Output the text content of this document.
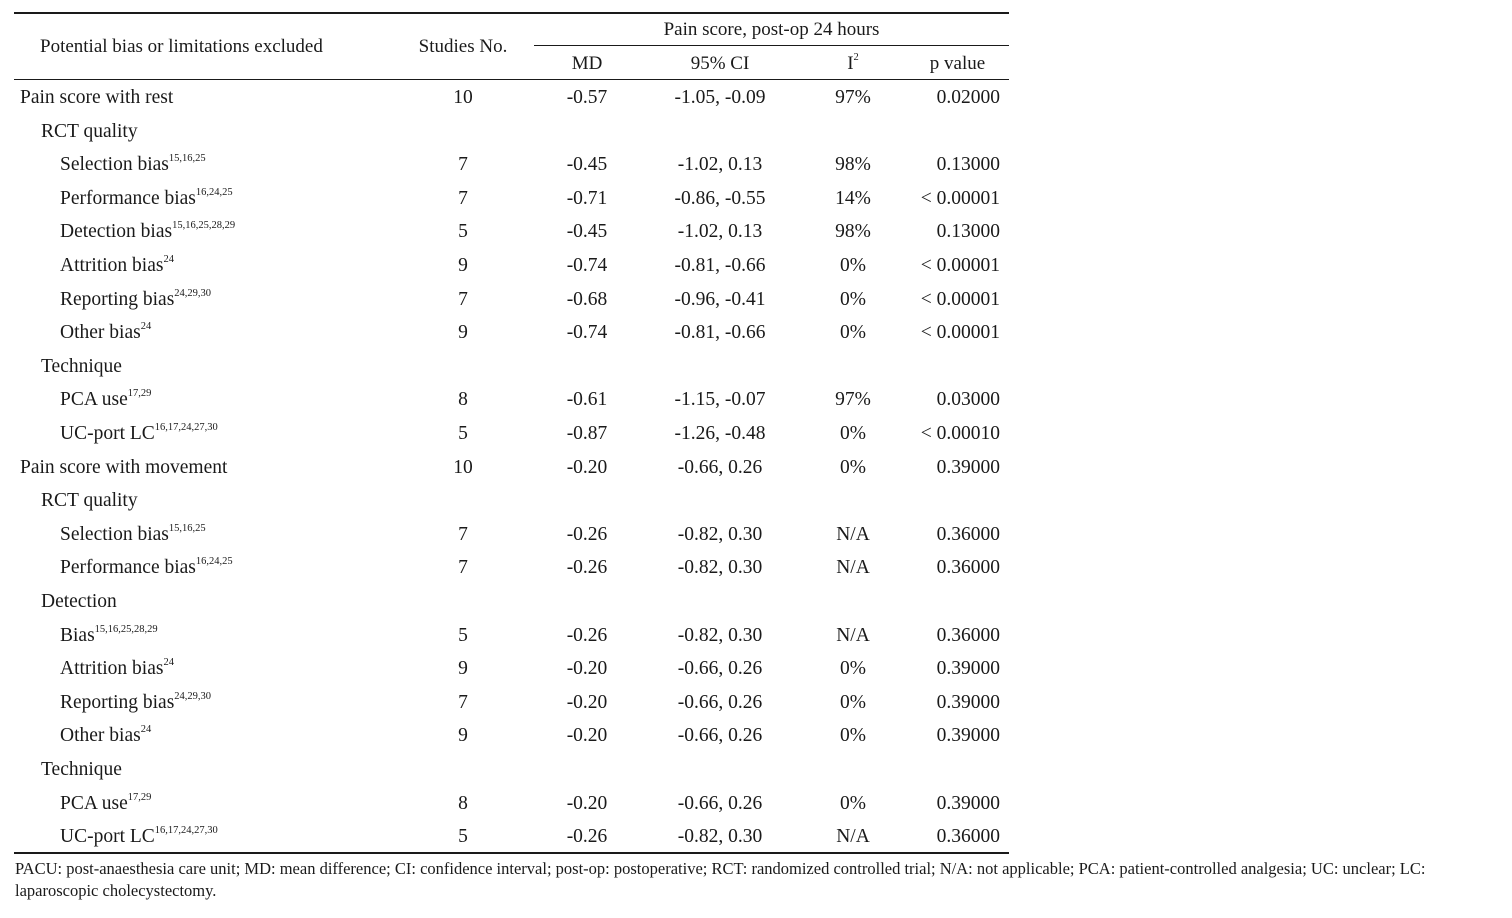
Potential bias or limitations excluded	Studies No.
Pain score, post-op 24 hours
MD	95% CI	$I^2$	p value
Pain score with rest	10	-0.57	-1.05, -0.09	97%	0.02000
RCT quality
Selection bias$^{15,16,25}$	7	-0.45	-1.02, 0.13	98%	0.13000
Performance bias$^{16,24,25}$	7	-0.71	-0.86, -0.55	14%	< 0.00001
Detection bias$^{15,16,25,28,29}$	5	-0.45	-1.02, 0.13	98%	0.13000
Attrition bias$^{24}$	9	-0.74	-0.81, -0.66	0%	< 0.00001
Reporting bias$^{24,29,30}$	7	-0.68	-0.96, -0.41	0%	< 0.00001
Other bias$^{24}$	9	-0.74	-0.81, -0.66	0%	< 0.00001
Technique
PCA use$^{17,29}$	8	-0.61	-1.15, -0.07	97%	0.03000
UC-port LC$^{16,17,24,27,30}$	5	-0.87	-1.26, -0.48	0%	< 0.00010
Pain score with movement	10	-0.20	-0.66, 0.26	0%	0.39000
RCT quality
Selection bias$^{15,16,25}$	7	-0.26	-0.82, 0.30	N/A	0.36000
Performance bias$^{16,24,25}$	7	-0.26	-0.82, 0.30	N/A	0.36000
Detection
Bias$^{15,16,25,28,29}$	5	-0.26	-0.82, 0.30	N/A	0.36000
Attrition bias$^{24}$	9	-0.20	-0.66, 0.26	0%	0.39000
Reporting bias$^{24,29,30}$	7	-0.20	-0.66, 0.26	0%	0.39000
Other bias$^{24}$	9	-0.20	-0.66, 0.26	0%	0.39000
Technique
PCA use$^{17,29}$	8	-0.20	-0.66, 0.26	0%	0.39000
UC-port LC$^{16,17,24,27,30}$	5	-0.26	-0.82, 0.30	N/A	0.36000
PACU: post-anaesthesia care unit; MD: mean difference; CI: confidence interval; post-op: postoperative; RCT: randomized controlled trial; N/A: not applicable; PCA: patient-controlled analgesia; UC: unclear; LC: laparoscopic cholecystectomy.
